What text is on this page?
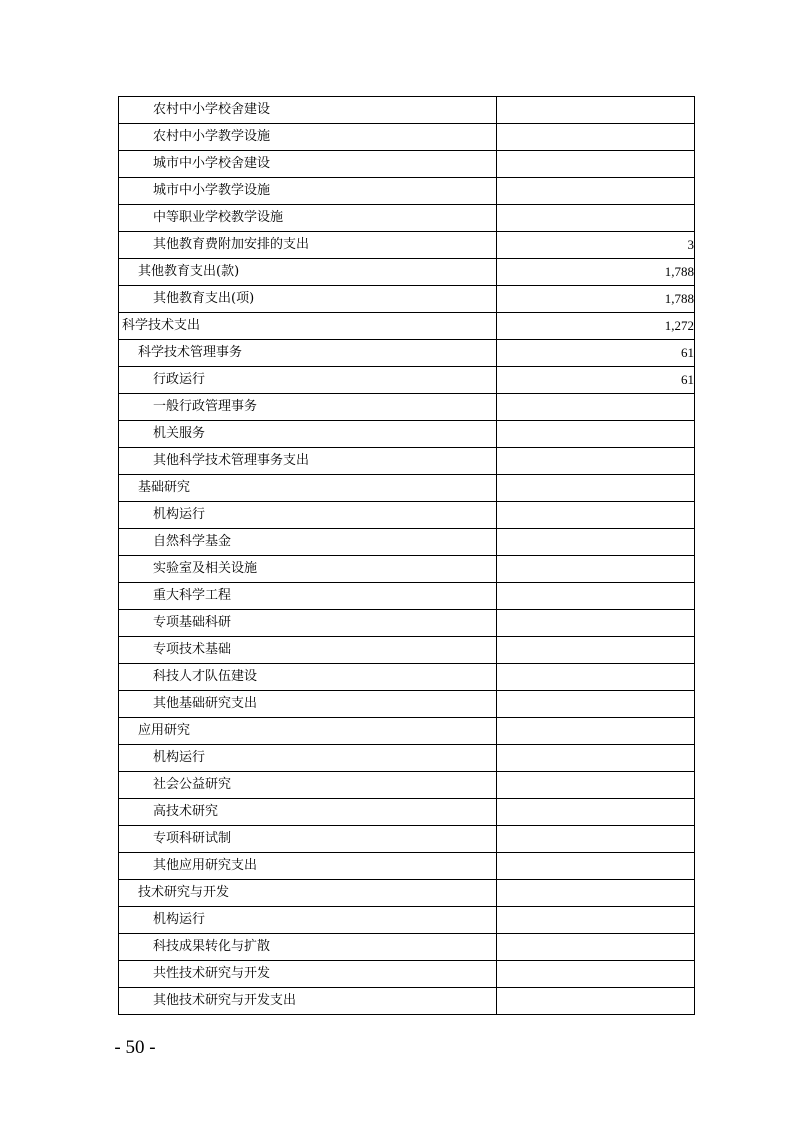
农村中小学校舍建设	
农村中小学教学设施	
城市中小学校舍建设	
城市中小学教学设施	
中等职业学校教学设施	
其他教育费附加安排的支出	3
其他教育支出(款)	1,788
其他教育支出(项)	1,788
科学技术支出	1,272
科学技术管理事务	61
行政运行	61
一般行政管理事务	
机关服务	
其他科学技术管理事务支出	
基础研究	
机构运行	
自然科学基金	
实验室及相关设施	
重大科学工程	
专项基础科研	
专项技术基础	
科技人才队伍建设	
其他基础研究支出	
应用研究	
机构运行	
社会公益研究	
高技术研究	
专项科研试制	
其他应用研究支出	
技术研究与开发	
机构运行	
科技成果转化与扩散	
共性技术研究与开发	
其他技术研究与开发支出	
- 50 -
